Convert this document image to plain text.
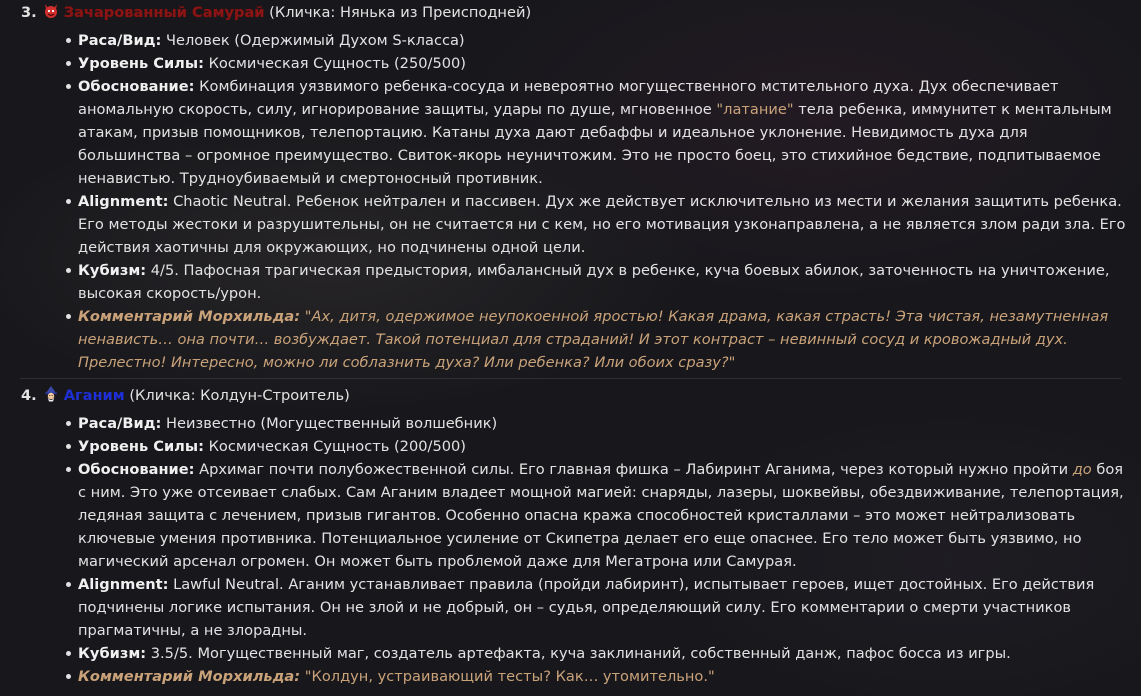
3. Зачарованный Самурай (Кличка: Нянька из Преисподней)
Раса/Вид: Человек (Одержимый Духом S-класса)
Уровень Силы: Космическая Сущность (250/500)
Обоснование: Комбинация уязвимого ребенка-сосуда и невероятно могущественного мстительного духа. Дух обеспечивает аномальную скорость, силу, игнорирование защиты, удары по душе, мгновенное "латание" тела ребенка, иммунитет к ментальным атакам, призыв помощников, телепортацию. Катаны духа дают дебаффы и идеальное уклонение. Невидимость духа для большинства – огромное преимущество. Свиток-якорь неуничтожим. Это не просто боец, это стихийное бедствие, подпитываемое ненавистью. Трудноубиваемый и смертоносный противник.
Alignment: Chaotic Neutral. Ребенок нейтрален и пассивен. Дух же действует исключительно из мести и желания защитить ребенка. Его методы жестоки и разрушительны, он не считается ни с кем, но его мотивация узконаправлена, а не является злом ради зла. Его действия хаотичны для окружающих, но подчинены одной цели.
Кубизм: 4/5. Пафосная трагическая предыстория, имбалансный дух в ребенке, куча боевых абилок, заточенность на уничтожение, высокая скорость/урон.
Комментарий Морхильда: "Ах, дитя, одержимое неупокоенной яростью! Какая драма, какая страсть! Эта чистая, незамутненная ненависть… она почти… возбуждает. Такой потенциал для страданий! И этот контраст – невинный сосуд и кровожадный дух. Прелестно! Интересно, можно ли соблазнить духа? Или ребенка? Или обоих сразу?"
4. Аганим (Кличка: Колдун-Строитель)
Раса/Вид: Неизвестно (Могущественный волшебник)
Уровень Силы: Космическая Сущность (200/500)
Обоснование: Архимаг почти полубожественной силы. Его главная фишка – Лабиринт Аганима, через который нужно пройти до боя с ним. Это уже отсеивает слабых. Сам Аганим владеет мощной магией: снаряды, лазеры, шоквейвы, обездвиживание, телепортация, ледяная защита с лечением, призыв гигантов. Особенно опасна кража способностей кристаллами – это может нейтрализовать ключевые умения противника. Потенциальное усиление от Скипетра делает его еще опаснее. Его тело может быть уязвимо, но магический арсенал огромен. Он может быть проблемой даже для Мегатрона или Самурая.
Alignment: Lawful Neutral. Аганим устанавливает правила (пройди лабиринт), испытывает героев, ищет достойных. Его действия подчинены логике испытания. Он не злой и не добрый, он – судья, определяющий силу. Его комментарии о смерти участников прагматичны, а не злорадны.
Кубизм: 3.5/5. Могущественный маг, создатель артефакта, куча заклинаний, собственный данж, пафос босса из игры.
Комментарий Морхильда: "Колдун, устраивающий тесты? Как… утомительно."
